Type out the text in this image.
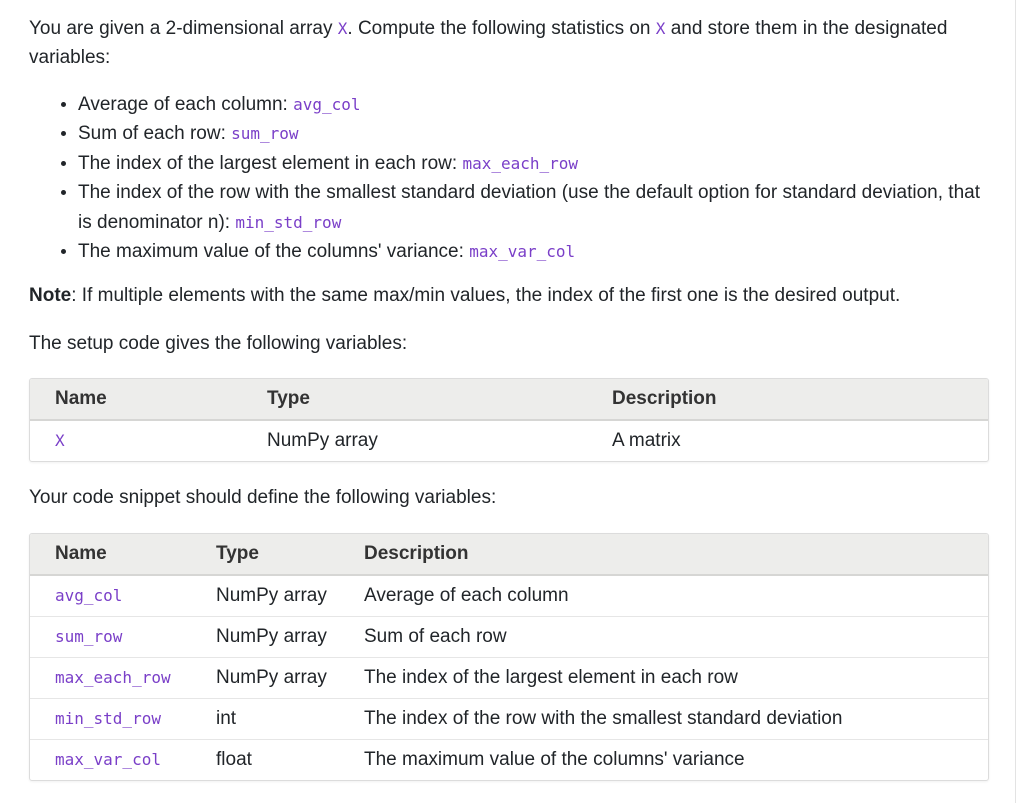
You are given a 2-dimensional array X. Compute the following statistics on X and store them in the designated variables:

• Average of each column: avg_col
• Sum of each row: sum_row
• The index of the largest element in each row: max_each_row
• The index of the row with the smallest standard deviation (use the default option for standard deviation, that is denominator n): min_std_row
• The maximum value of the columns' variance: max_var_col

Note: If multiple elements with the same max/min values, the index of the first one is the desired output.

The setup code gives the following variables:

Name	Type	Description
X	NumPy array	A matrix

Your code snippet should define the following variables:

Name	Type	Description
avg_col	NumPy array	Average of each column
sum_row	NumPy array	Sum of each row
max_each_row	NumPy array	The index of the largest element in each row
min_std_row	int	The index of the row with the smallest standard deviation
max_var_col	float	The maximum value of the columns' variance
